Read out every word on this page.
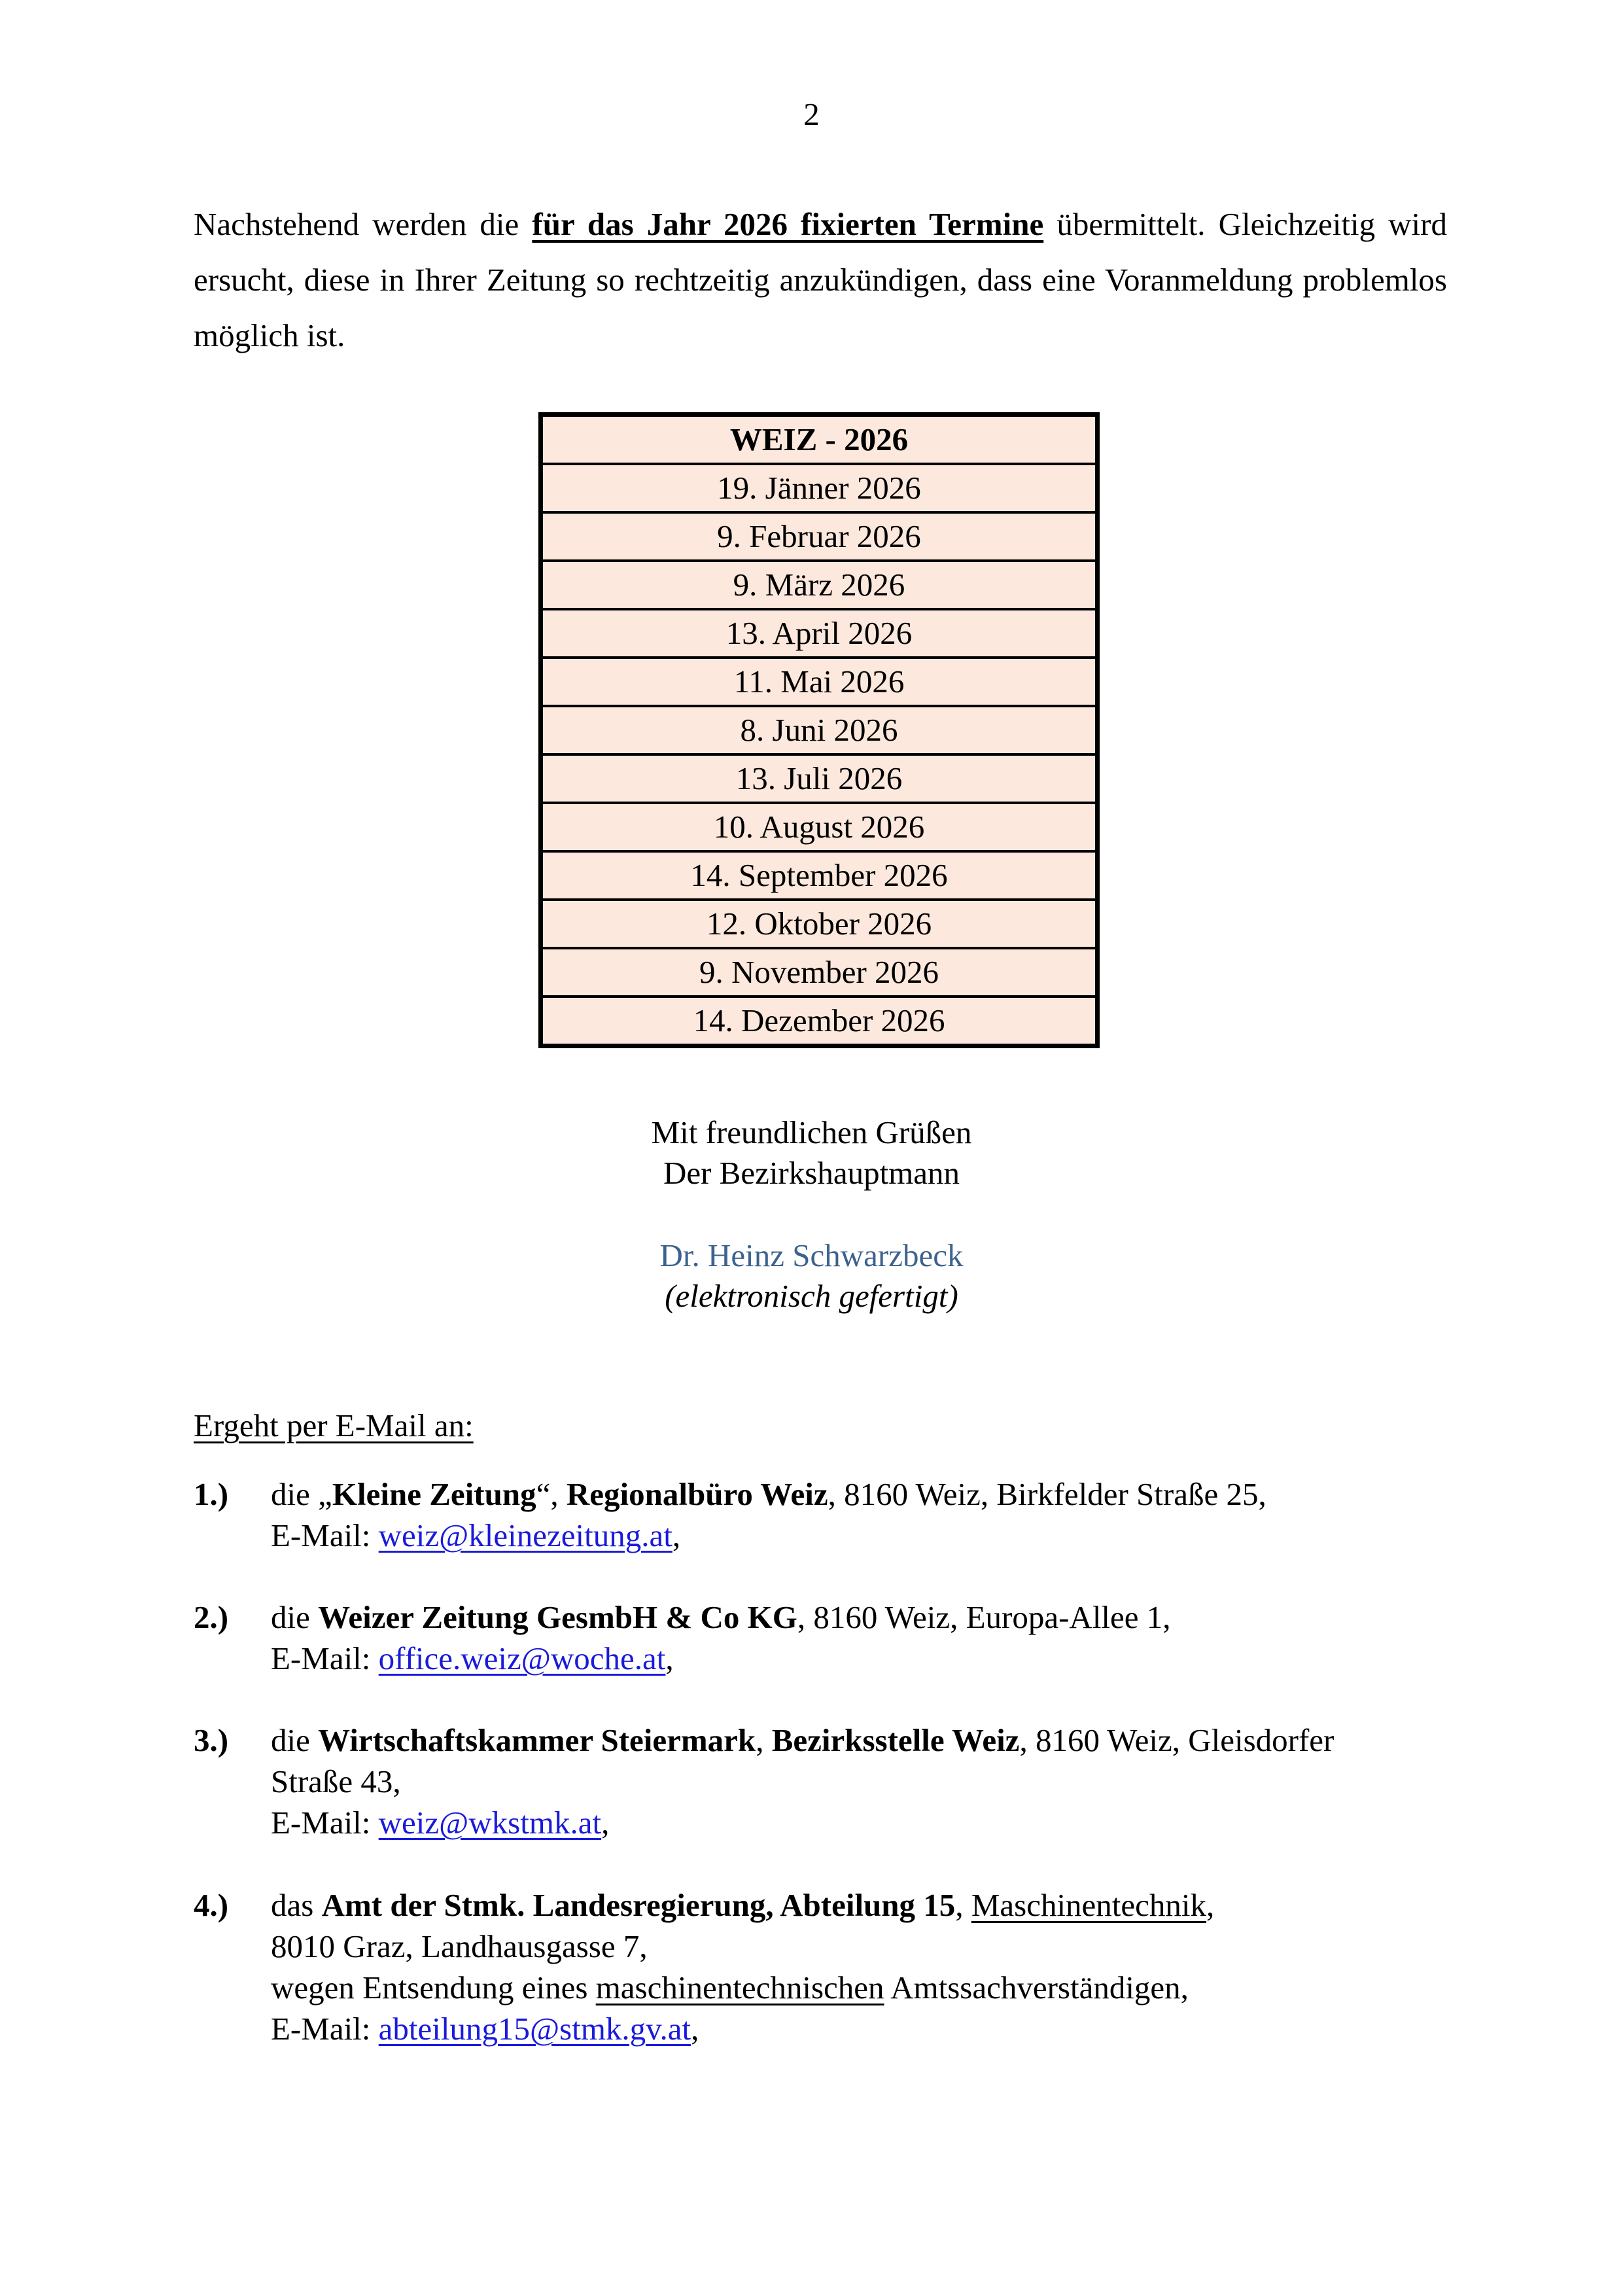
2

Nachstehend werden die für das Jahr 2026 fixierten Termine übermittelt. Gleichzeitig wird ersucht, diese in Ihrer Zeitung so rechtzeitig anzukündigen, dass eine Voranmeldung problemlos möglich ist.

WEIZ - 2026
19. Jänner 2026
9. Februar 2026
9. März 2026
13. April 2026
11. Mai 2026
8. Juni 2026
13. Juli 2026
10. August 2026
14. September 2026
12. Oktober 2026
9. November 2026
14. Dezember 2026
Mit freundlichen Grüßen
Der Bezirkshauptmann
Dr. Heinz Schwarzbeck
(elektronisch gefertigt)
Ergeht per E-Mail an:
1.) die „Kleine Zeitung“, Regionalbüro Weiz, 8160 Weiz, Birkfelder Straße 25,
E-Mail: weiz@kleinezeitung.at,
2.) die Weizer Zeitung GesmbH & Co KG, 8160 Weiz, Europa-Allee 1,
E-Mail: office.weiz@woche.at,
3.) die Wirtschaftskammer Steiermark, Bezirksstelle Weiz, 8160 Weiz, Gleisdorfer Straße 43,
E-Mail: weiz@wkstmk.at,
4.) das Amt der Stmk. Landesregierung, Abteilung 15, Maschinentechnik,
8010 Graz, Landhausgasse 7,
wegen Entsendung eines maschinentechnischen Amtssachverständigen,
E-Mail: abteilung15@stmk.gv.at,
